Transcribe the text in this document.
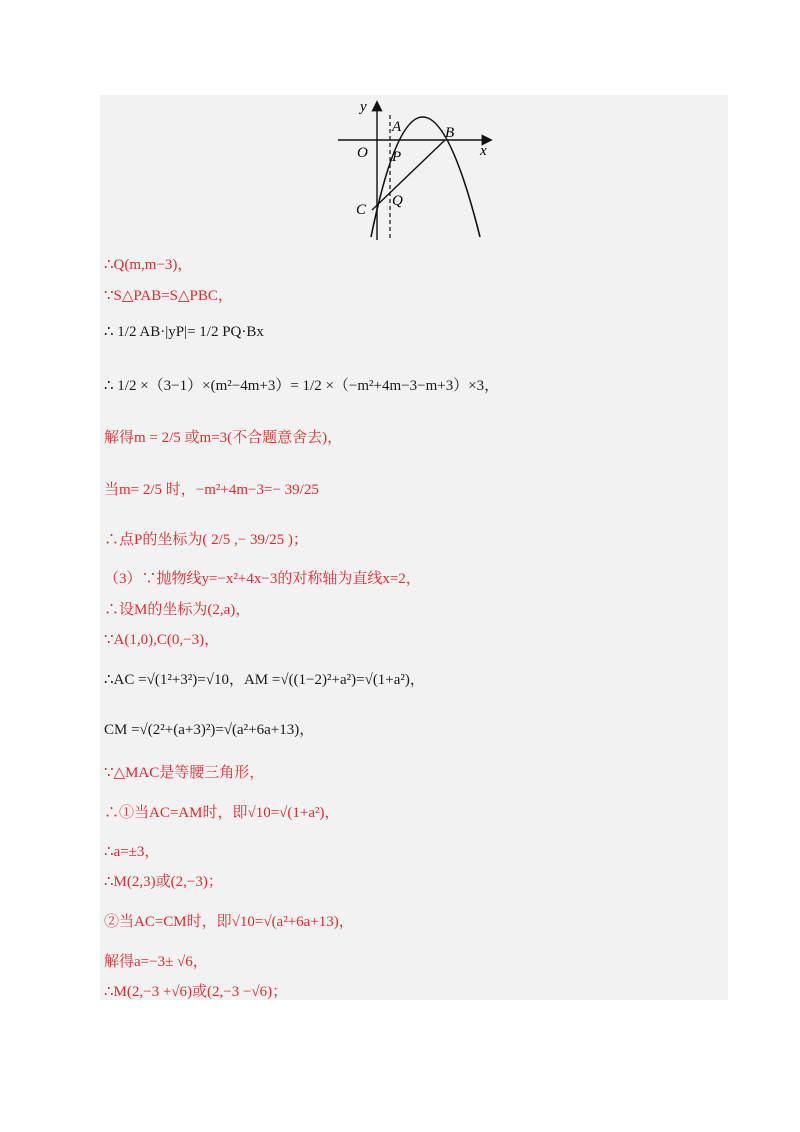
y
x
O
A	B
P
C
Q
∴Q(m,m−3)，
∵S△PAB=S△PBC，
∴ 1/2 AB·|yP|= 1/2 PQ·Bx
∴ 1/2 ×（3−1）×(m²−4m+3）= 1/2 ×（−m²+4m−3−m+3）×3，
解得m = 2/5 或m=3(不合题意舍去)，
当m= 2/5 时，−m²+4m−3=− 39/25
∴点P的坐标为( 2/5 ,− 39/25 )；
（3）∵抛物线y=−x²+4x−3的对称轴为直线x=2，
∴设M的坐标为(2,a)，
∵A(1,0),C(0,−3)，
∴AC =√(1²+3²)=√10，AM =√((1−2)²+a²)=√(1+a²)，
CM =√(2²+(a+3)²)=√(a²+6a+13)，
∵△MAC是等腰三角形，
∴①当AC=AM时，即√10=√(1+a²)，
∴a=±3，
∴M(2,3)或(2,−3)；
②当AC=CM时，即√10=√(a²+6a+13)，
解得a=−3± √6，
∴M(2,−3 +√6)或(2,−3 −√6)；
